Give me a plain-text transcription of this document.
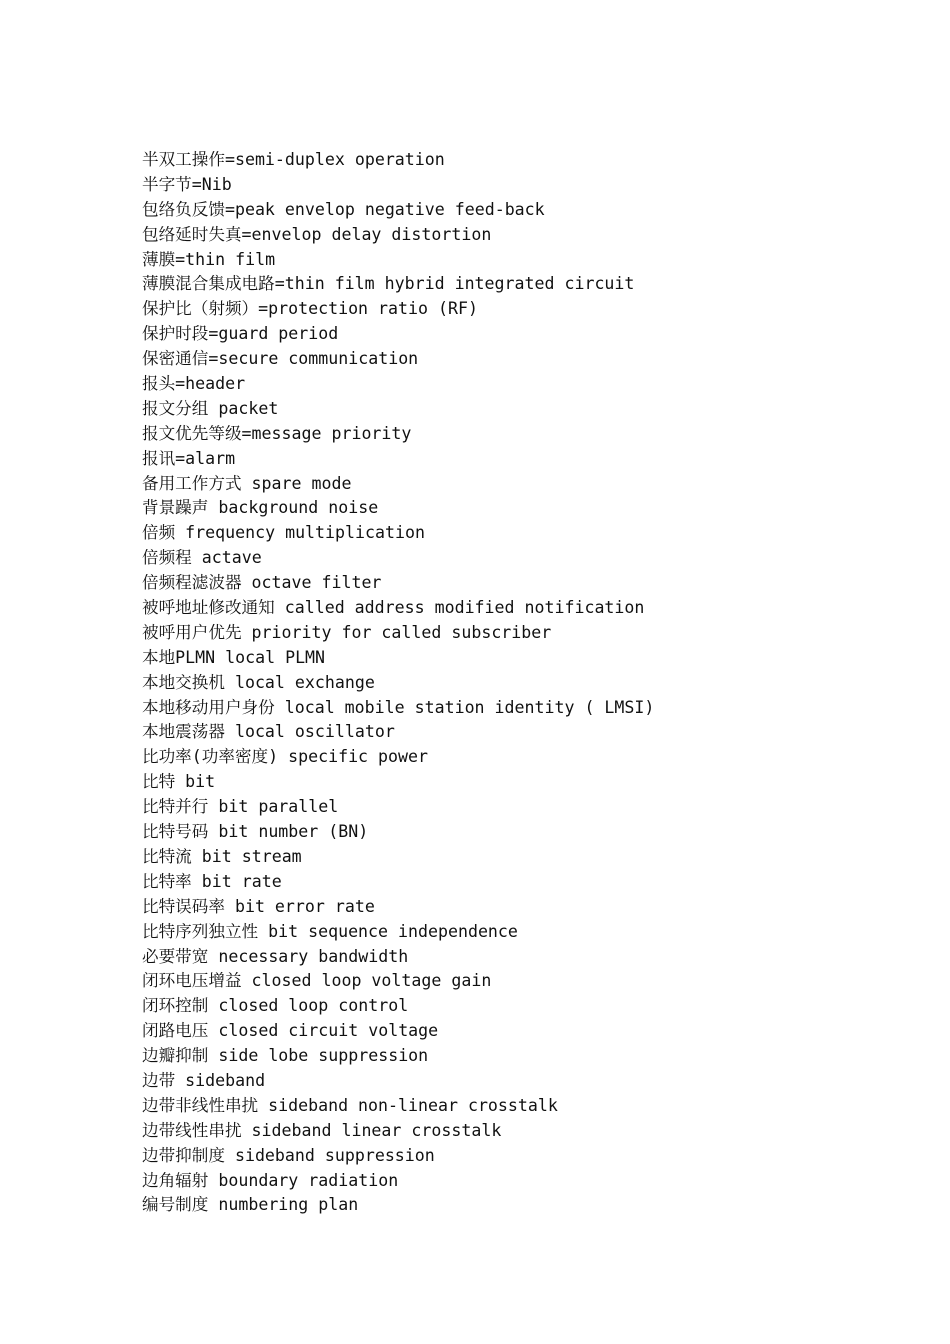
半双工操作=semi-duplex operation
半字节=Nib
包络负反馈=peak envelop negative feed-back
包络延时失真=envelop delay distortion
薄膜=thin film
薄膜混合集成电路=thin film hybrid integrated circuit
保护比（射频）=protection ratio (RF)
保护时段=guard period
保密通信=secure communication
报头=header
报文分组 packet
报文优先等级=message priority
报讯=alarm
备用工作方式 spare mode
背景躁声 background noise
倍频 frequency multiplication
倍频程 actave
倍频程滤波器 octave filter
被呼地址修改通知 called address modified notification
被呼用户优先 priority for called subscriber
本地PLMN local PLMN
本地交换机 local exchange
本地移动用户身份 local mobile station identity ( LMSI)
本地震荡器 local oscillator
比功率(功率密度) specific power
比特 bit
比特并行 bit parallel
比特号码 bit number (BN)
比特流 bit stream
比特率 bit rate
比特误码率 bit error rate
比特序列独立性 bit sequence independence
必要带宽 necessary bandwidth
闭环电压增益 closed loop voltage gain
闭环控制 closed loop control
闭路电压 closed circuit voltage
边瓣抑制 side lobe suppression
边带 sideband
边带非线性串扰 sideband non-linear crosstalk
边带线性串扰 sideband linear crosstalk
边带抑制度 sideband suppression
边角辐射 boundary radiation
编号制度 numbering plan
